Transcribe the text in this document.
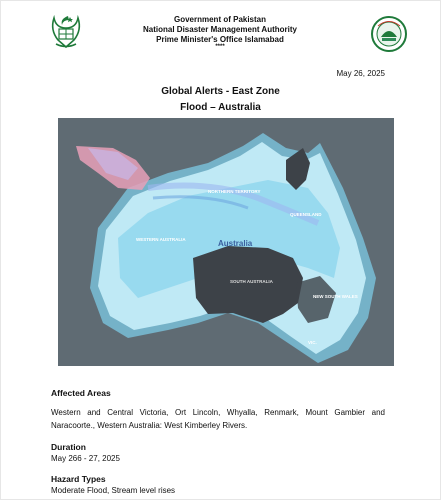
Government of Pakistan
National Disaster Management Authority
Prime Minister's Office Islamabad
****
May 26, 2025
Global Alerts - East Zone
Flood – Australia
WESTERN AUSTRALIA
NORTHERN TERRITORY
QUEENSLAND
Australia
SOUTH AUSTRALIA
NEW SOUTH WALES
VIC.
Affected Areas
Western and Central Victoria, Ort Lincoln, Whyalla, Renmark, Mount Gambier and Naracoorte., Western Australia: West Kimberley Rivers.
Duration
May 266 - 27, 2025
Hazard Types
Moderate Flood, Stream level rises
